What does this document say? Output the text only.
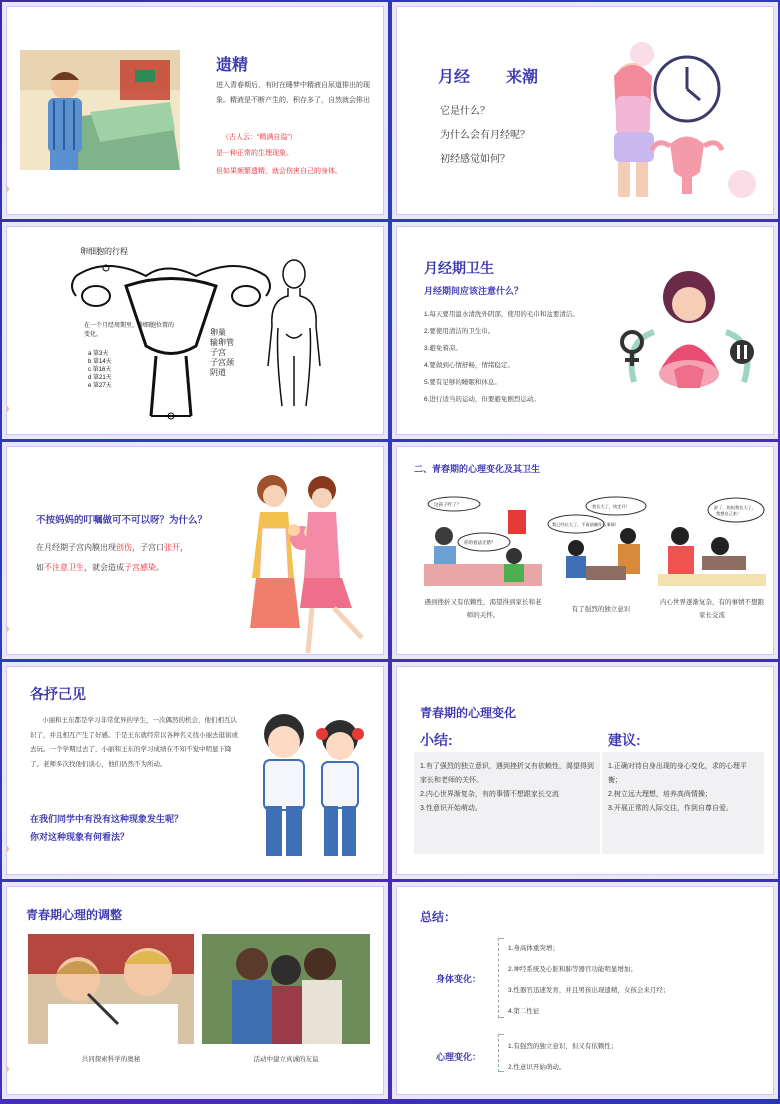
遗精
进入青春期后，有时在睡梦中精液自尿道排出的现象。精液是不断产生的，积存多了，自然就会排出
（古人云：“精满自溢”）
是一种正常的生理现象。
但如果频繁遗精，就会伤害自己的身体。
月经 来潮
它是什么？
为什么会有月经呢？
初经感觉如何？
卵细胞的行程
在一个月经周期里，卵细胞位置的变化。
a 第3天
b 第14天
c 第16天
d 第21天
e 第27天
卵巢
输卵管
子宫
子宫颈
阴道
月经期卫生
月经期间应该注意什么？
1.每天要用温水清洗外阴部，使用的毛巾和盆要清洁。
2.要使用清洁的卫生巾。
3.避免着凉。
4.要做到心情舒畅，情绪稳定。
5.要有足够的睡眠和休息。
6.进行适当的运动，但要避免剧烈运动。
不按妈妈的叮嘱做可不可以呀？为什么？
在月经期子宫内膜出现创伤，子宫口张开，
如不注意卫生，就会造成子宫感染。
二、青春期的心理变化及其卫生
这孩子咋了？
你的看法无错？
我长大了，快走开！
我已经长大了，不再依赖什么事情！
舒了，妈妈我长大了，
我想自己来！
遇到挫折又有依赖性，渴望得到家长和老师的关怀。
有了强烈的独立意识
内心世界逐渐复杂，有的事情不想跟家长交流
各抒己见
小丽和王东都是学习非常优异的学生，一次偶然的机会，他们相互认识了，并且相互产生了好感。于是王东就经常以各种名义找小丽去逛街或去玩。一个学期过去了，小丽和王东的学习成绩在不知不觉中明显下降了。老师多次找他们谈心，他们仍然不为所动。
在我们同学中有没有这种现象发生呢？
你对这种现象有何看法？
青春期的心理变化
小结:	建议:
1.有了强烈的独立意识，遇到挫折又有依赖性，渴望得到家长和老师的关怀。
2.内心世界渐复杂，有的事情不想跟家长交流
3.性意识开始萌动。
1.正确对待自身出现的身心变化，求的心理平衡；
2.树立远大理想，培养高尚情操；
3.开展正常的人际交往，作到自尊自爱。
青春期心理的调整
共同探索科学的奥秘	活动中建立真诚的友谊
总结：
身体变化：
1.身高体重突增；
2.神经系统及心脏和肺等器官功能明显增加；
3.性器官迅速发育，并且男孩出现遗精，女孩会来月经；
4.第二性征
心理变化：
1.有强烈的独立意识，但又有依赖性；
2.性意识开始萌动。
